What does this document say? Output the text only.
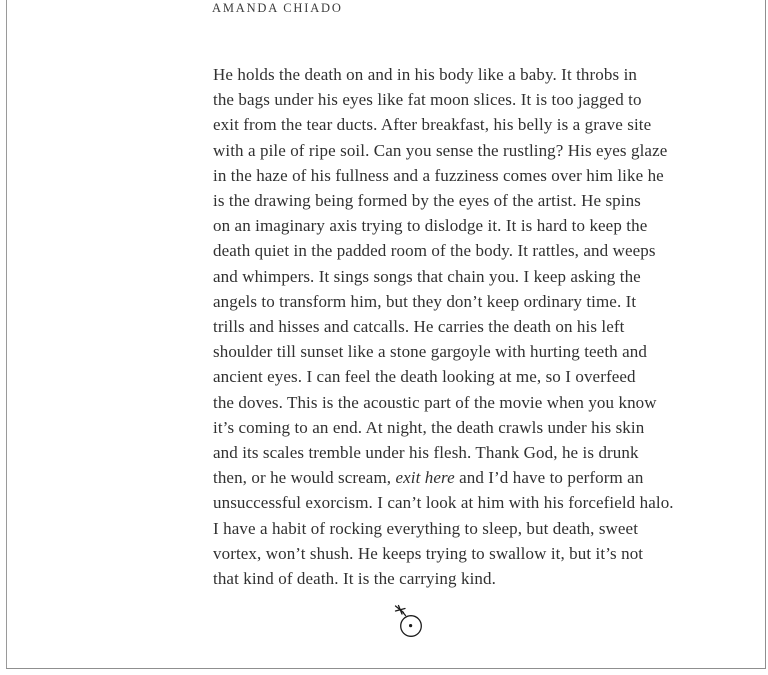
AMANDA CHIADO
He holds the death on and in his body like a baby. It throbs in
the bags under his eyes like fat moon slices. It is too jagged to
exit from the tear ducts. After breakfast, his belly is a grave site
with a pile of ripe soil. Can you sense the rustling? His eyes glaze
in the haze of his fullness and a fuzziness comes over him like he
is the drawing being formed by the eyes of the artist. He spins
on an imaginary axis trying to dislodge it. It is hard to keep the
death quiet in the padded room of the body. It rattles, and weeps
and whimpers. It sings songs that chain you. I keep asking the
angels to transform him, but they don’t keep ordinary time. It
trills and hisses and catcalls. He carries the death on his left
shoulder till sunset like a stone gargoyle with hurting teeth and
ancient eyes. I can feel the death looking at me, so I overfeed
the doves. This is the acoustic part of the movie when you know
it’s coming to an end. At night, the death crawls under his skin
and its scales tremble under his flesh. Thank God, he is drunk
then, or he would scream, exit here and I’d have to perform an
unsuccessful exorcism. I can’t look at him with his forcefield halo.
I have a habit of rocking everything to sleep, but death, sweet
vortex, won’t shush. He keeps trying to swallow it, but it’s not
that kind of death. It is the carrying kind.
